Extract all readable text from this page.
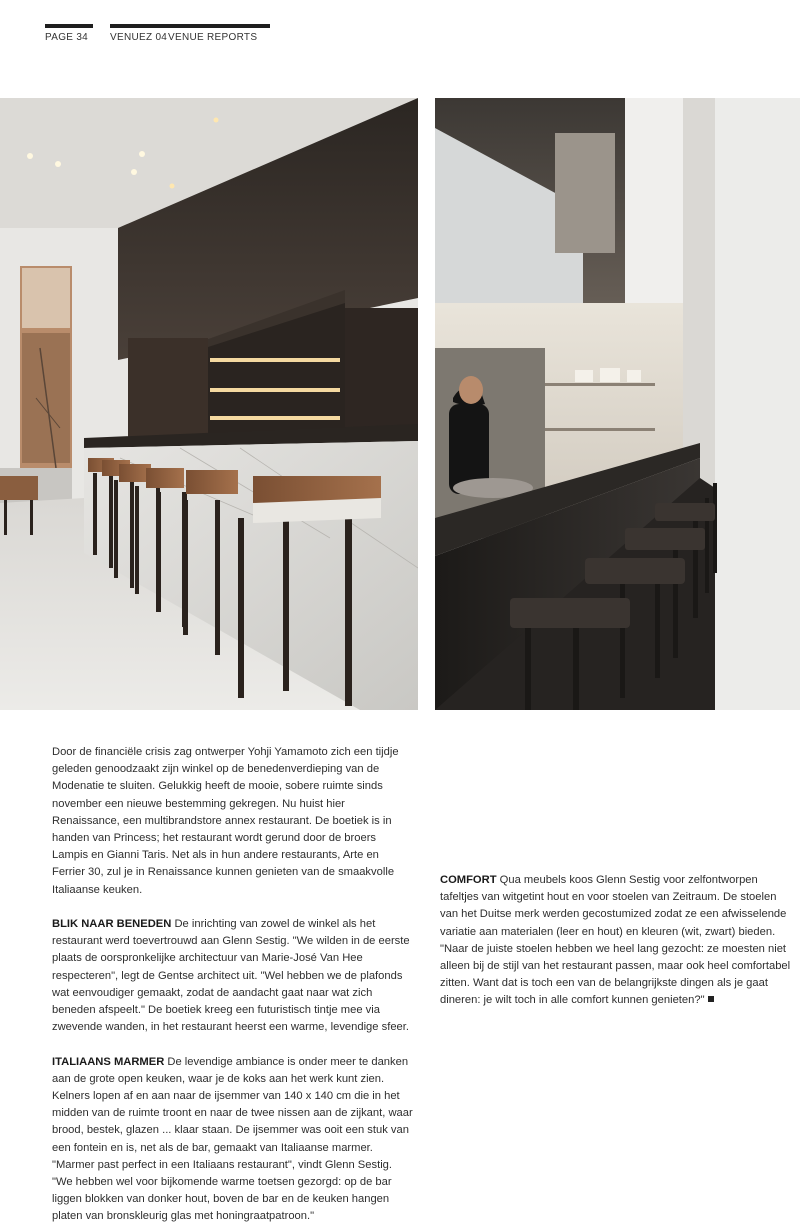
PAGE 34 VENUEZ 04 VENUE REPORTS

Door de financiële crisis zag ontwerper Yohji Yamamoto zich een tijdje geleden genoodzaakt zijn winkel op de benedenverdieping van de Modenatie te sluiten. Gelukkig heeft de mooie, sobere ruimte sinds november een nieuwe bestemming gekregen. Nu huist hier Renaissance, een multibrandstore annex restaurant. De boetiek is in handen van Princess; het restaurant wordt gerund door de broers Lampis en Gianni Taris. Net als in hun andere restaurants, Arte en Ferrier 30, zul je in Renaissance kunnen genieten van de smaakvolle Italiaanse keuken.

BLIK NAAR BENEDEN De inrichting van zowel de winkel als het restaurant werd toevertrouwd aan Glenn Sestig. "We wilden in de eerste plaats de oorspronkelijke architectuur van Marie-José Van Hee respecteren", legt de Gentse architect uit. "Wel hebben we de plafonds wat eenvoudiger gemaakt, zodat de aandacht gaat naar wat zich beneden afspeelt." De boetiek kreeg een futuristisch tintje mee via zwevende wanden, in het restaurant heerst een warme, levendige sfeer.

ITALIAANS MARMER De levendige ambiance is onder meer te danken aan de grote open keuken, waar je de koks aan het werk kunt zien. Kelners lopen af en aan naar de ijsemmer van 140 x 140 cm die in het midden van de ruimte troont en naar de twee nissen aan de zijkant, waar brood, bestek, glazen ... klaar staan. De ijsemmer was ooit een stuk van een fontein en is, net als de bar, gemaakt van Italiaanse marmer. "Marmer past perfect in een Italiaans restaurant", vindt Glenn Sestig. "We hebben wel voor bijkomende warme toetsen gezorgd: op de bar liggen blokken van donker hout, boven de bar en de keuken hangen platen van bronskleurig glas met honingraatpatroon."

COMFORT Qua meubels koos Glenn Sestig voor zelfontworpen tafeltjes van witgetint hout en voor stoelen van Zeitraum. De stoelen van het Duitse merk werden gecostumized zodat ze een afwisselende variatie aan materialen (leer en hout) en kleuren (wit, zwart) bieden. "Naar de juiste stoelen hebben we heel lang gezocht: ze moesten niet alleen bij de stijl van het restaurant passen, maar ook heel comfortabel zitten. Want dat is toch een van de belangrijkste dingen als je gaat dineren: je wilt toch in alle comfort kunnen genieten?"
